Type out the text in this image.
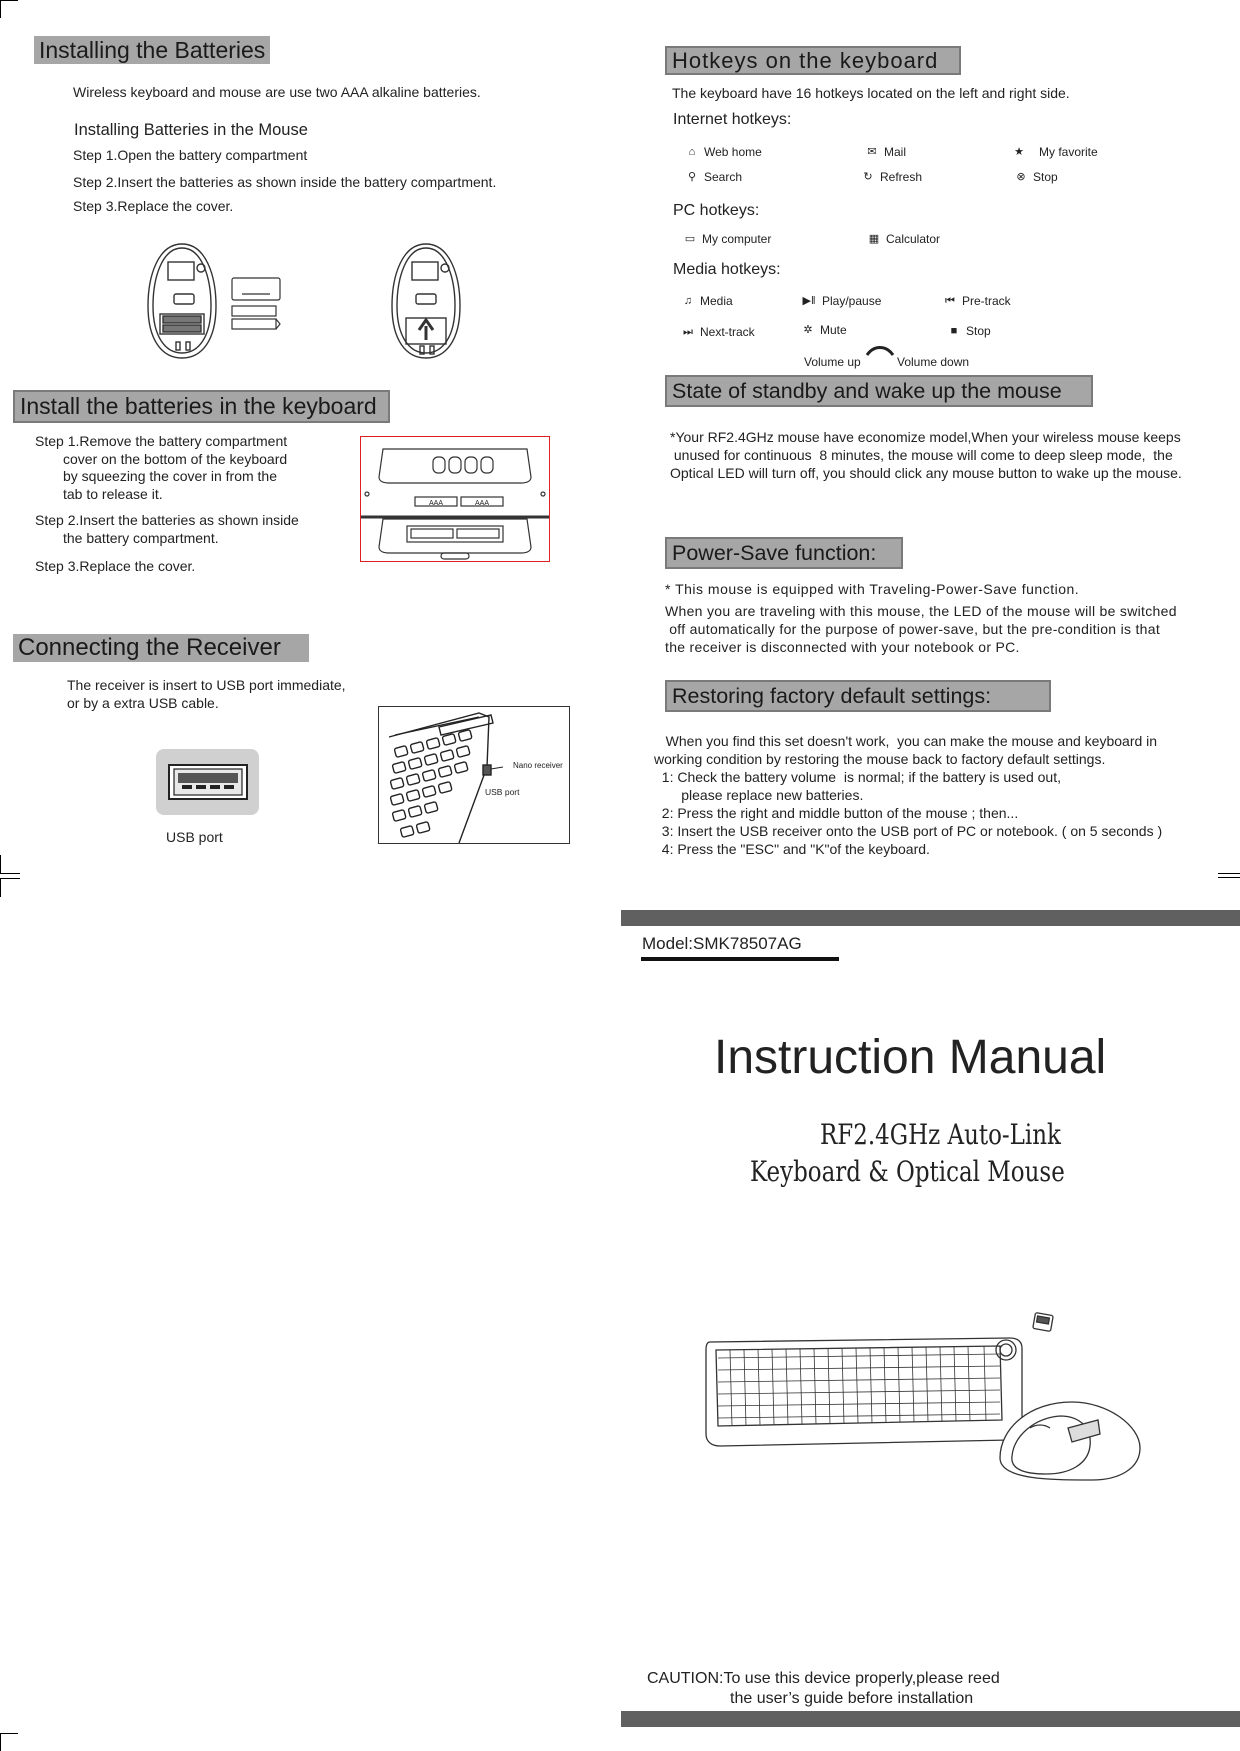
Installing the Batteries
Wireless keyboard and mouse are use two AAA alkaline batteries.
Installing Batteries in the Mouse
Step 1.Open the battery compartment
Step 2.Insert the batteries as shown inside the battery compartment.
Step 3.Replace the cover.
Install the batteries in the keyboard
Step 1.Remove the battery compartment
cover on the bottom of the keyboard
by squeezing the cover in from the
tab to release it.
Step 2.Insert the batteries as shown inside
the battery compartment.
Step 3.Replace the cover.
AAA	AAA
Connecting the Receiver
The receiver is insert to USB port immediate,
or by a extra USB cable.
USB port
Nano receiver
USB port
Hotkeys on the keyboard
The keyboard have 16 hotkeys located on the left and right side.
Internet hotkeys:
⌂ Web home	✉ Mail	★ My favorite
⚲ Search	↻ Refresh	⊗ Stop
PC hotkeys:
▭ My computer	▦ Calculator
Media hotkeys:
♫ Media	▶‖ Play/pause	⏮ Pre-track
⏭ Next-track	✲ Mute	■ Stop
Volume up	Volume down
State of standby and wake up the mouse
*Your RF2.4GHz mouse have economize model,When your wireless mouse keeps
unused for continuous  8 minutes, the mouse will come to deep sleep mode,  the
Optical LED will turn off, you should click any mouse button to wake up the mouse.
Power-Save function:
* This mouse is equipped with Traveling-Power-Save function.
When you are traveling with this mouse, the LED of the mouse will be switched
off automatically for the purpose of power-save, but the pre-condition is that
the receiver is disconnected with your notebook or PC.
Restoring factory default settings:
When you find this set doesn't work,  you can make the mouse and keyboard in
working condition by restoring the mouse back to factory default settings.
1: Check the battery volume  is normal; if the battery is used out,
please replace new batteries.
2: Press the right and middle button of the mouse ; then...
3: Insert the USB receiver onto the USB port of PC or notebook. ( on 5 seconds )
4: Press the "ESC" and "K"of the keyboard.
Model:SMK78507AG
Instruction Manual
RF2.4GHz Auto-Link
Keyboard & Optical Mouse
CAUTION:To use this device properly,please reed
the user’s guide before installation
